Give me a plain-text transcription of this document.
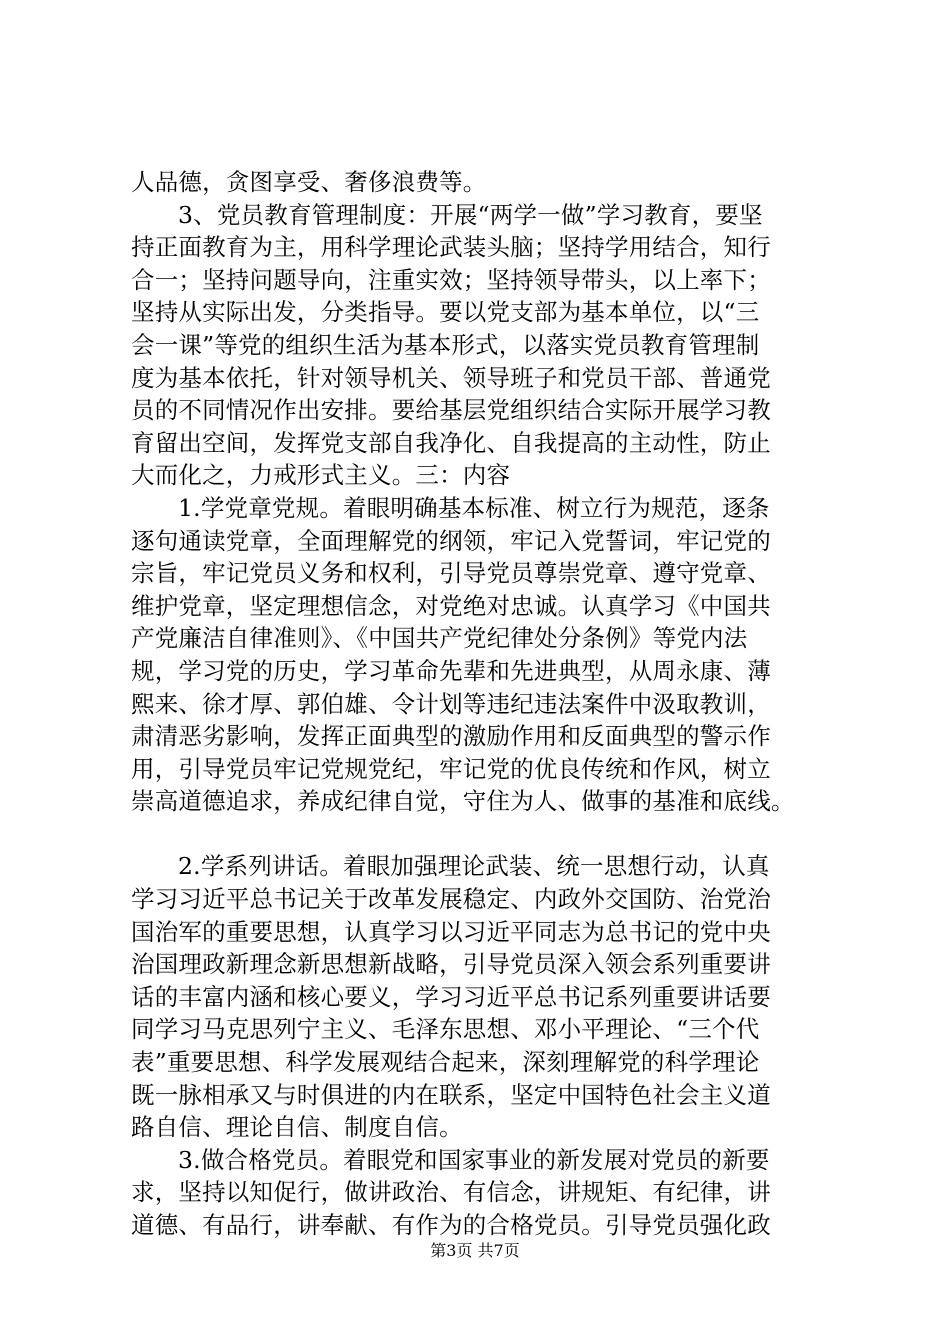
人品德，贪图享受、奢侈浪费等。
3、党员教育管理制度：开展“两学一做”学习教育，要坚
持正面教育为主，用科学理论武装头脑；坚持学用结合，知行
合一；坚持问题导向，注重实效；坚持领导带头，以上率下；
坚持从实际出发，分类指导。要以党支部为基本单位，以“三
会一课”等党的组织生活为基本形式，以落实党员教育管理制
度为基本依托，针对领导机关、领导班子和党员干部、普通党
员的不同情况作出安排。要给基层党组织结合实际开展学习教
育留出空间，发挥党支部自我净化、自我提高的主动性，防止
大而化之，力戒形式主义。三：内容
1.学党章党规。着眼明确基本标准、树立行为规范，逐条
逐句通读党章，全面理解党的纲领，牢记入党誓词，牢记党的
宗旨，牢记党员义务和权利，引导党员尊崇党章、遵守党章、
维护党章，坚定理想信念，对党绝对忠诚。认真学习《中国共
产党廉洁自律准则》、《中国共产党纪律处分条例》等党内法
规，学习党的历史，学习革命先辈和先进典型，从周永康、薄
熙来、徐才厚、郭伯雄、令计划等违纪违法案件中汲取教训，
肃清恶劣影响，发挥正面典型的激励作用和反面典型的警示作
用，引导党员牢记党规党纪，牢记党的优良传统和作风，树立
崇高道德追求，养成纪律自觉，守住为人、做事的基准和底线。
2.学系列讲话。着眼加强理论武装、统一思想行动，认真
学习习近平总书记关于改革发展稳定、内政外交国防、治党治
国治军的重要思想，认真学习以习近平同志为总书记的党中央
治国理政新理念新思想新战略，引导党员深入领会系列重要讲
话的丰富内涵和核心要义，学习习近平总书记系列重要讲话要
同学习马克思列宁主义、毛泽东思想、邓小平理论、“三个代
表”重要思想、科学发展观结合起来，深刻理解党的科学理论
既一脉相承又与时俱进的内在联系，坚定中国特色社会主义道
路自信、理论自信、制度自信。
3.做合格党员。着眼党和国家事业的新发展对党员的新要
求，坚持以知促行，做讲政治、有信念，讲规矩、有纪律，讲
道德、有品行，讲奉献、有作为的合格党员。引导党员强化政
第3页 共7页
